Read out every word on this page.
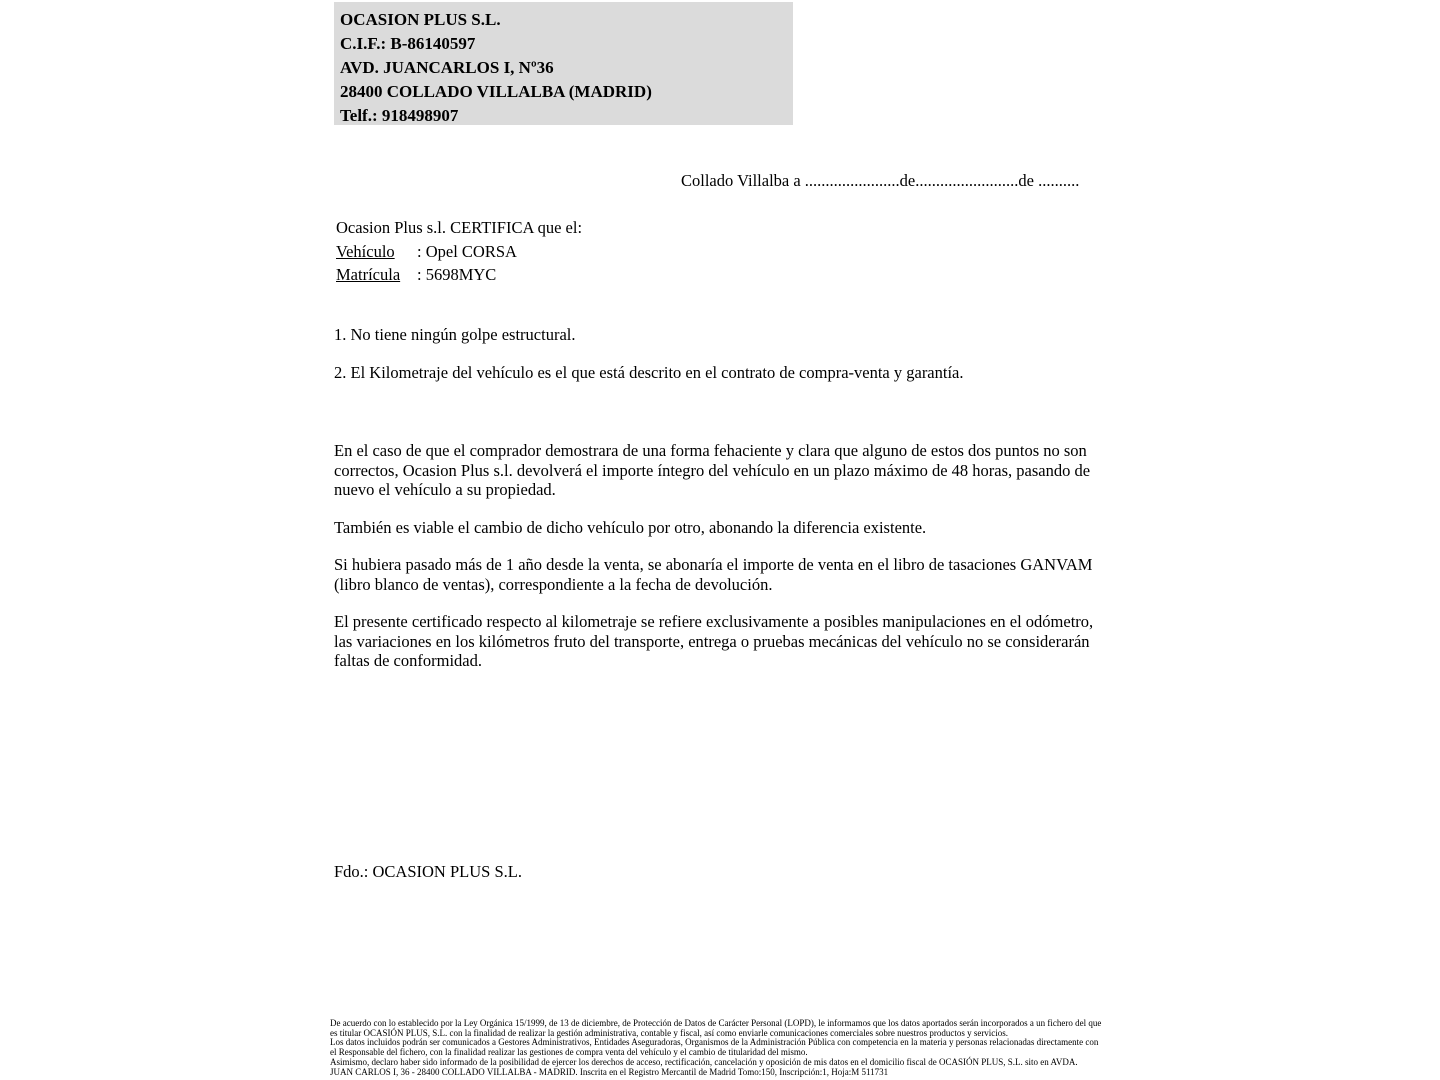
OCASION PLUS S.L.
C.I.F.: B-86140597
AVD. JUANCARLOS I, Nº36
28400 COLLADO VILLALBA (MADRID)
Telf.: 918498907
Collado Villalba a .......................de.........................de ..........
Ocasion Plus s.l. CERTIFICA que el:
Vehículo	: Opel CORSA
Matrícula	: 5698MYC
1. No tiene ningún golpe estructural.
2. El Kilometraje del vehículo es el que está descrito en el contrato de compra-venta y garantía.
En el caso de que el comprador demostrara de una forma fehaciente y clara que alguno de estos dos puntos no son correctos, Ocasion Plus s.l. devolverá el importe íntegro del vehículo en un plazo máximo de 48 horas, pasando de nuevo el vehículo a su propiedad.
También es viable el cambio de dicho vehículo por otro, abonando la diferencia existente.
Si hubiera pasado más de 1 año desde la venta, se abonaría el importe de venta en el libro de tasaciones GANVAM (libro blanco de ventas), correspondiente a la fecha de devolución.
El presente certificado respecto al kilometraje se refiere exclusivamente a posibles manipulaciones en el odómetro, las variaciones en los kilómetros fruto del transporte, entrega o pruebas mecánicas del vehículo no se considerarán faltas de conformidad.
Fdo.: OCASION PLUS S.L.
De acuerdo con lo establecido por la Ley Orgánica 15/1999, de 13 de diciembre, de Protección de Datos de Carácter Personal (LOPD), le informamos que los datos aportados serán incorporados a un fichero del que es titular OCASIÓN PLUS, S.L. con la finalidad de realizar la gestión administrativa, contable y fiscal, así como enviarle comunicaciones comerciales sobre nuestros productos y servicios.
Los datos incluidos podrán ser comunicados a Gestores Administrativos, Entidades Aseguradoras, Organismos de la Administración Pública con competencia en la materia y personas relacionadas directamente con el Responsable del fichero, con la finalidad realizar las gestiones de compra venta del vehículo y el cambio de titularidad del mismo.
Asimismo, declaro haber sido informado de la posibilidad de ejercer los derechos de acceso, rectificación, cancelación y oposición de mis datos en el domicilio fiscal de OCASIÓN PLUS, S.L. sito en AVDA. JUAN CARLOS I, 36 - 28400 COLLADO VILLALBA - MADRID. Inscrita en el Registro Mercantil de Madrid Tomo:150, Inscripción:1, Hoja:M 511731
